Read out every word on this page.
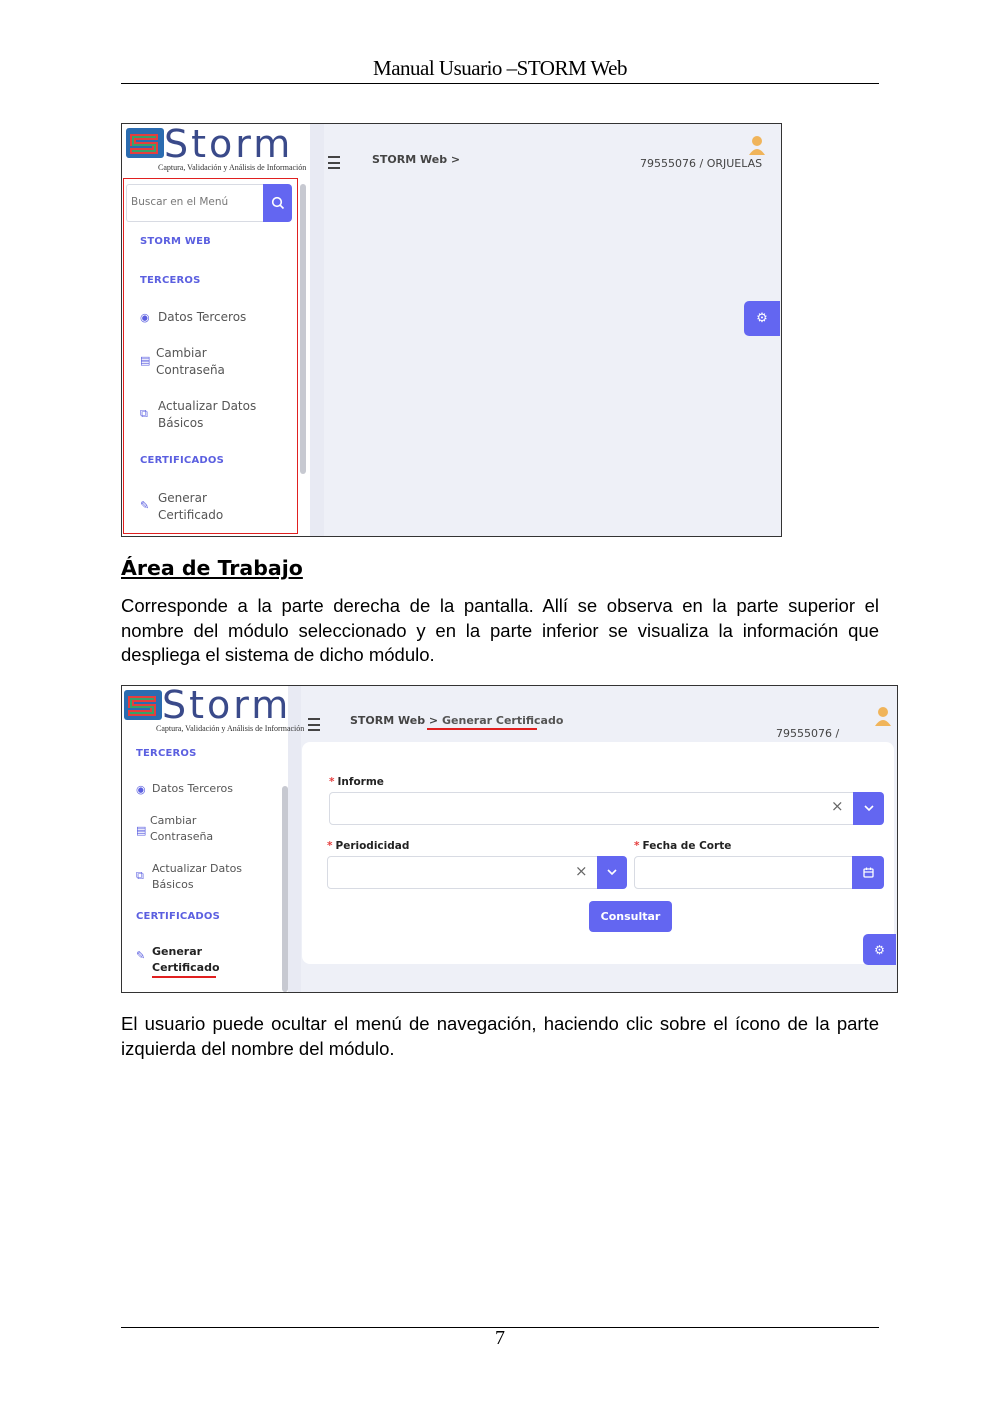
Manual Usuario –STORM Web
Storm
Captura, Validación y Análisis de Información
Buscar en el Menú
STORM WEB
TERCEROS
◉ Datos Terceros
▤
Cambiar
Contraseña
⧉
Actualizar Datos
Básicos
CERTIFICADOS
✎
Generar
Certificado
STORM Web >	79555076 / ORJUELAS
⚙
Área de Trabajo
Corresponde a la parte derecha de la pantalla. Allí se observa en la parte superior el nombre del módulo seleccionado y en la parte inferior se visualiza la información que despliega el sistema de dicho módulo.
Storm
Captura, Validación y Análisis de Información
TERCEROS
◉ Datos Terceros
▤
Cambiar
Contraseña
⧉
Actualizar Datos
Básicos
CERTIFICADOS
✎ Generar
Certificado
STORM Web > Generar Certificado
79555076 /
* Informe
×
* Periodicidad
×
* Fecha de Corte
Consultar
⚙
El usuario puede ocultar el menú de navegación, haciendo clic sobre el ícono de la parte izquierda del nombre del módulo.
7
